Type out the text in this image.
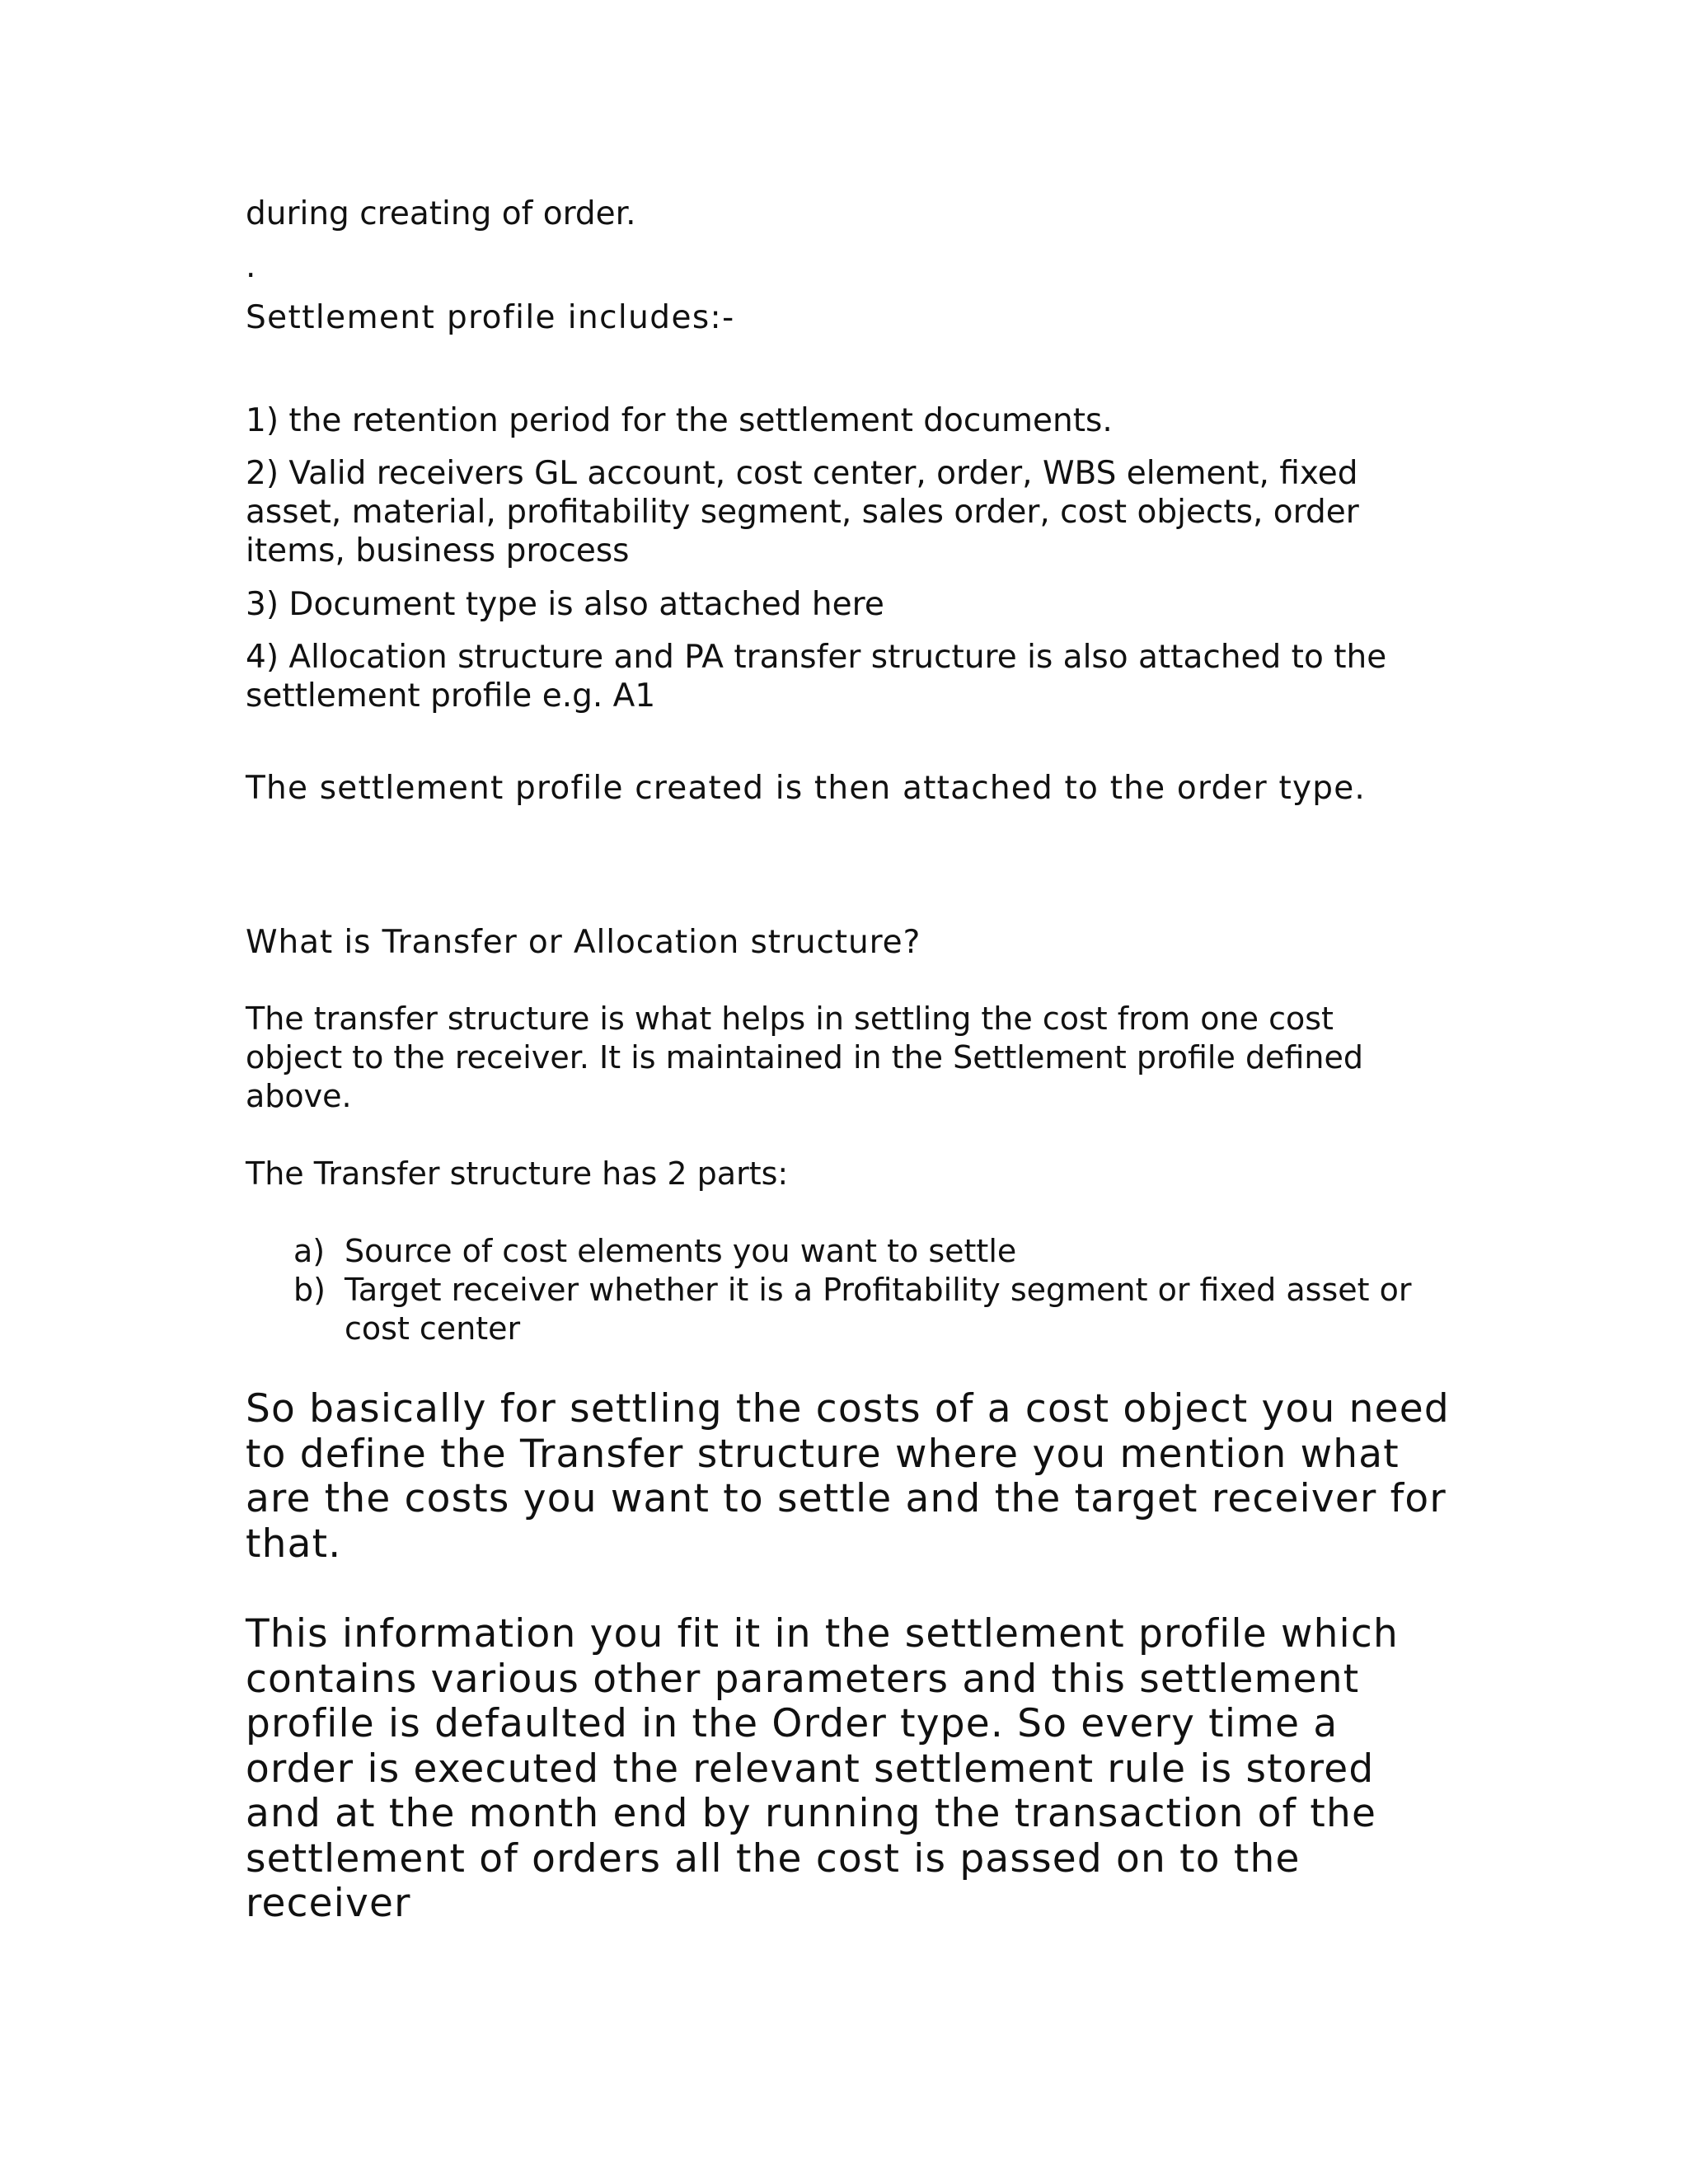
during creating of order.

.

Settlement profile includes:-

1) the retention period for the settlement documents.

2) Valid receivers GL account, cost center, order, WBS element, fixed
asset, material, profitability segment, sales order, cost objects, order
items, business process

3) Document type is also attached here

4) Allocation structure and PA transfer structure is also attached to the
settlement profile e.g. A1

The settlement profile created is then attached to the order type.

What is Transfer or Allocation structure?

The transfer structure is what helps in settling the cost from one cost
object to the receiver. It is maintained in the Settlement profile defined
above.

The Transfer structure has 2 parts:

a) Source of cost elements you want to settle

b) Target receiver whether it is a Profitability segment or fixed asset or
cost center

So basically for settling the costs of a cost object you need
to define the Transfer structure where you mention what
are the costs you want to settle and the target receiver for
that.

This information you fit it in the settlement profile which
contains various other parameters and this settlement
profile is defaulted in the Order type. So every time a
order is executed the relevant settlement rule is stored
and at the month end by running the transaction of the
settlement of orders all the cost is passed on to the
receiver
